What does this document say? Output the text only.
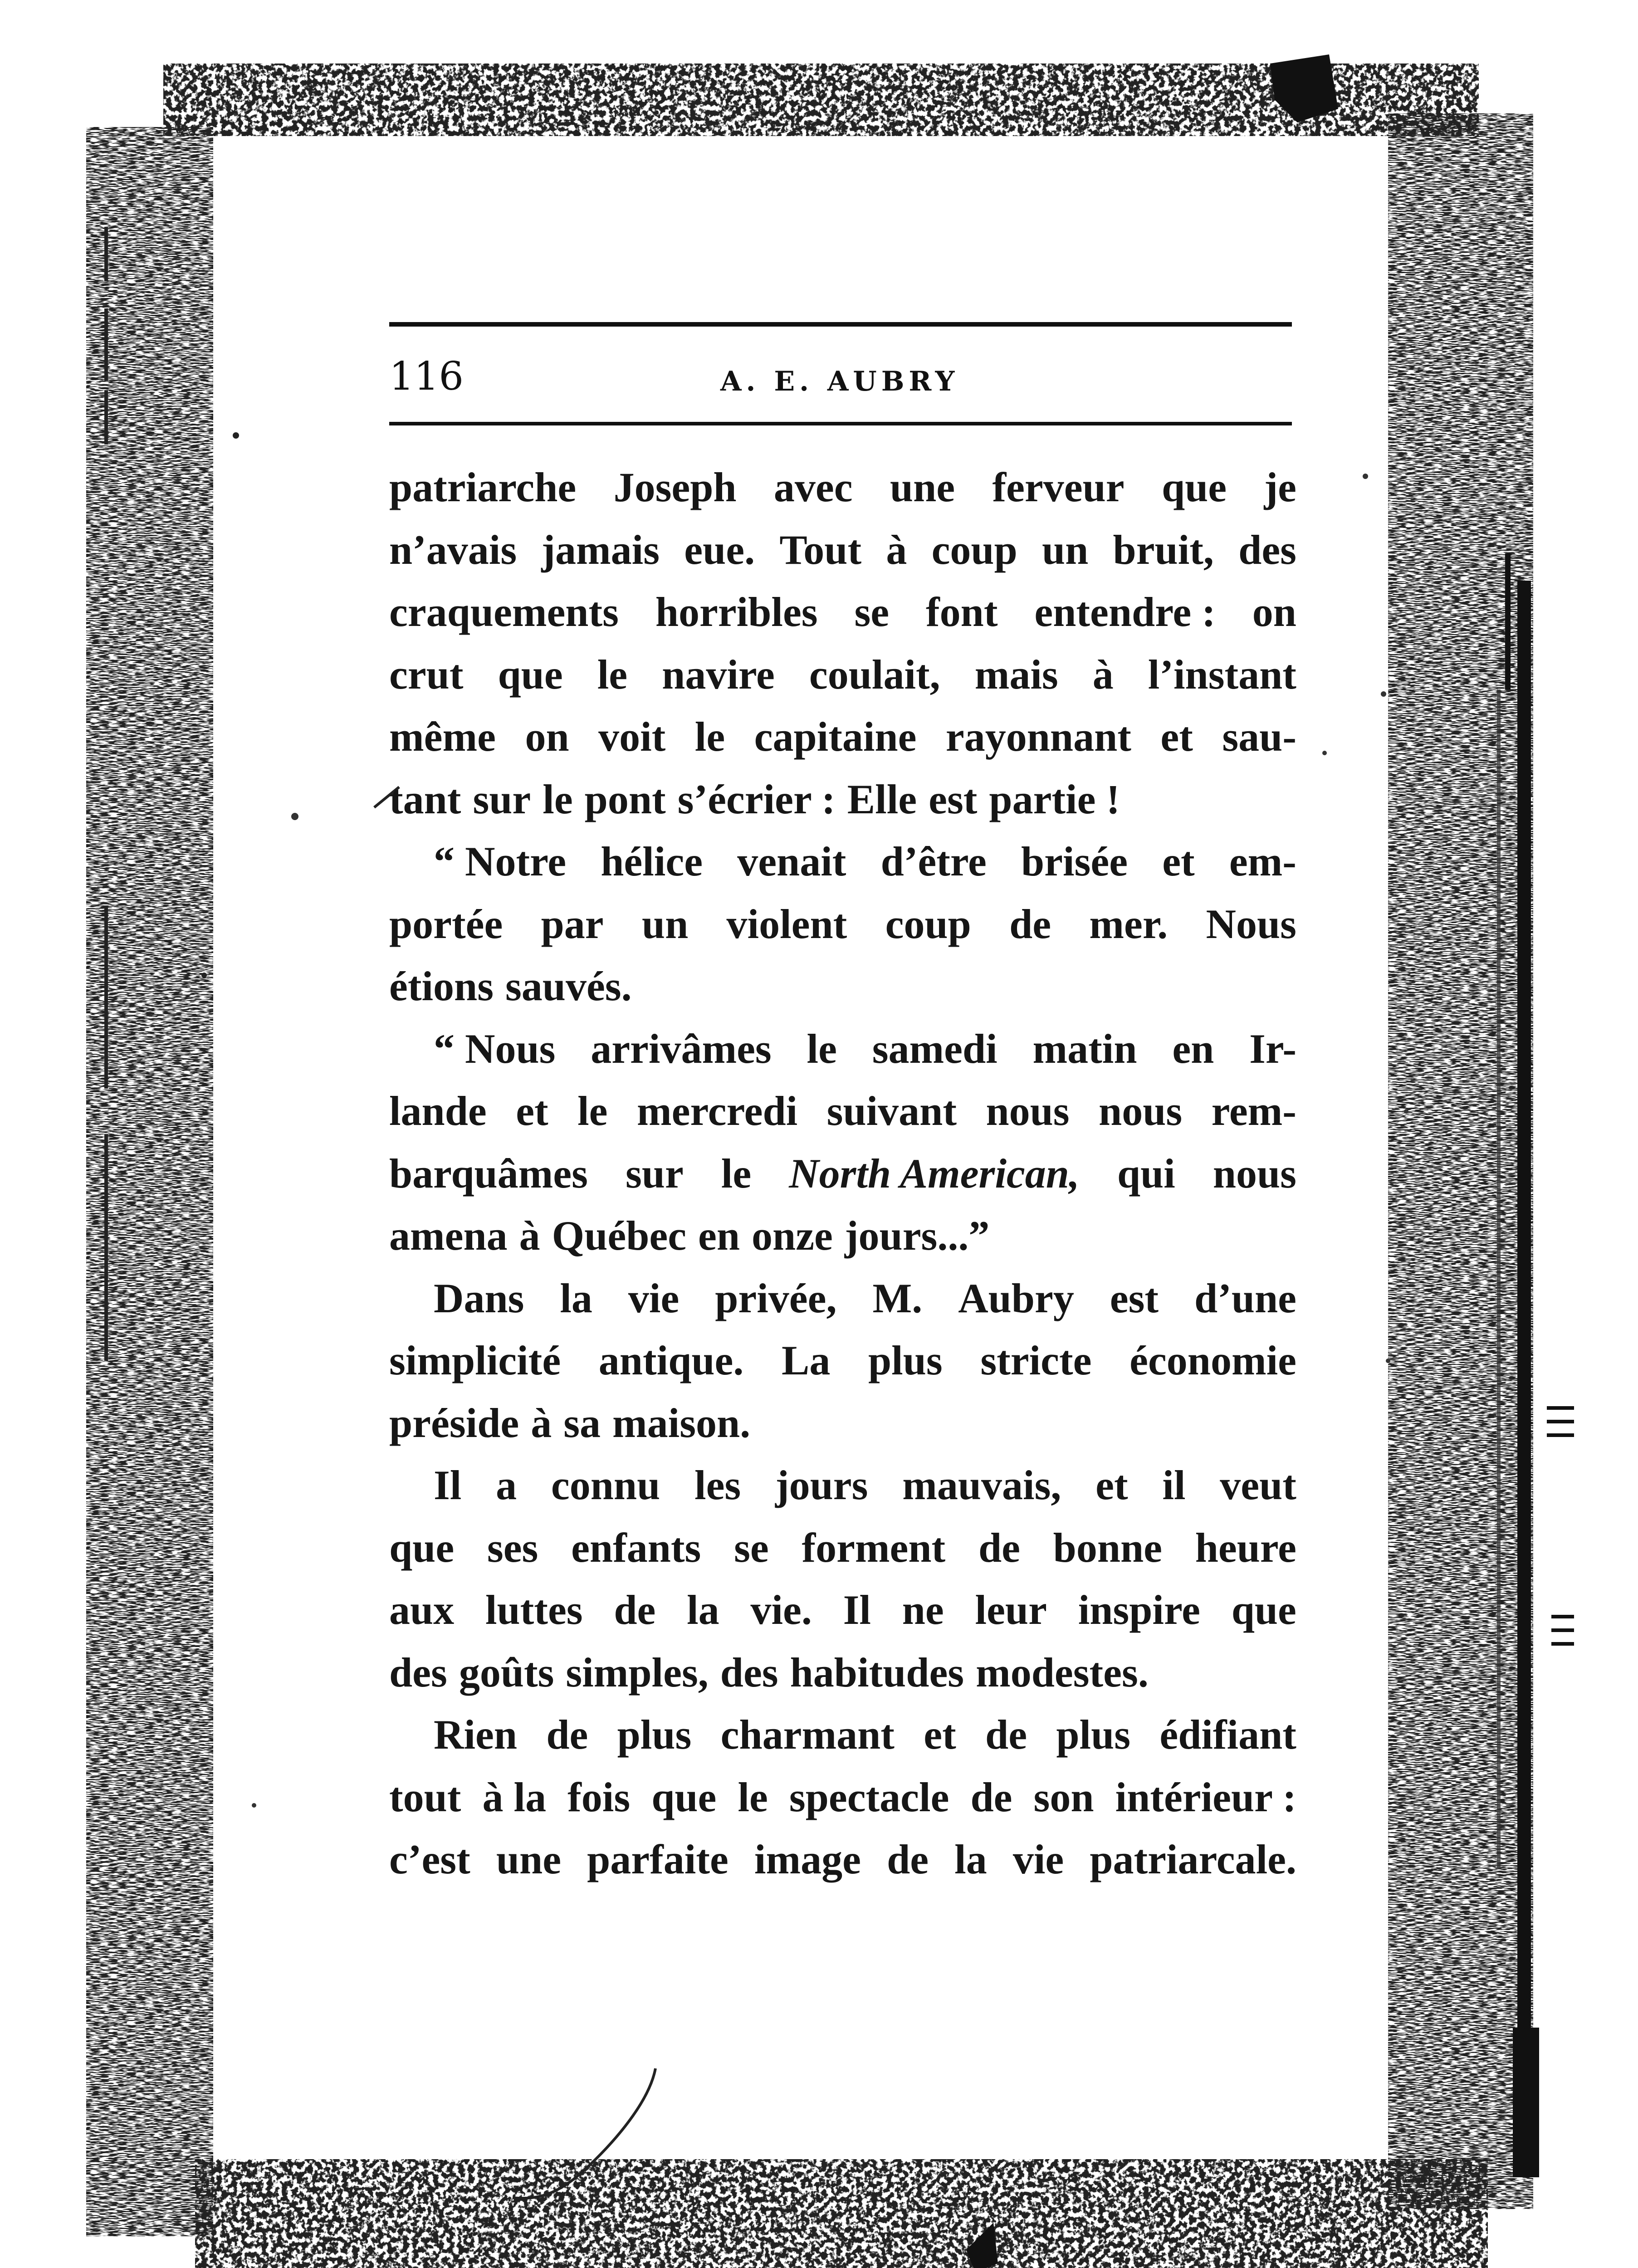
116	A. E. AUBRY
patriarche Joseph avec une ferveur que je
n’avais jamais eue. Tout à coup un bruit, des
craquements horribles se font entendre : on
crut que le navire coulait, mais à l’instant
même on voit le capitaine rayonnant et sau-
tant sur le pont s’écrier : Elle est partie !
“ Notre hélice venait d’être brisée et em-
portée par un violent coup de mer. Nous
étions sauvés.
“ Nous arrivâmes le samedi matin en Ir-
lande et le mercredi suivant nous nous rem-
barquâmes sur le North American, qui nous
amena à Québec en onze jours...”
Dans la vie privée, M. Aubry est d’une
simplicité antique. La plus stricte économie
préside à sa maison.
Il a connu les jours mauvais, et il veut
que ses enfants se forment de bonne heure
aux luttes de la vie. Il ne leur inspire que
des goûts simples, des habitudes modestes.
Rien de plus charmant et de plus édifiant
tout à la fois que le spectacle de son intérieur :
c’est une parfaite image de la vie patriarcale.
